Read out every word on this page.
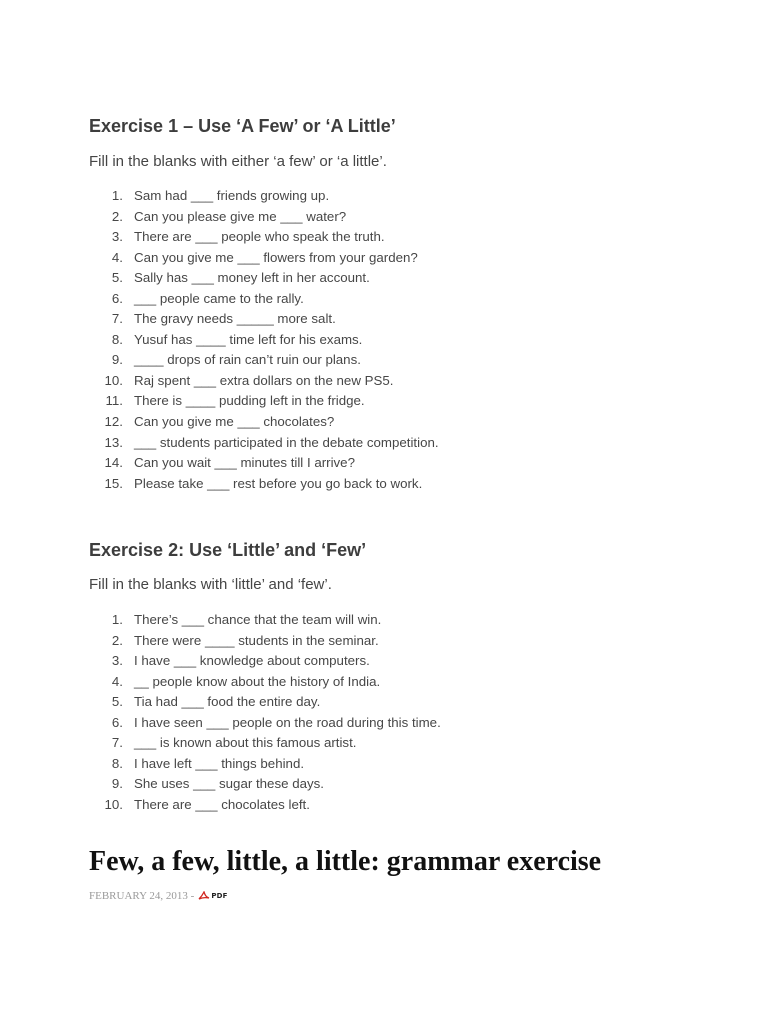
Exercise 1 – Use ‘A Few’ or ‘A Little’

Fill in the blanks with either ‘a few’ or ‘a little’.

1. Sam had ___ friends growing up.
2. Can you please give me ___ water?
3. There are ___ people who speak the truth.
4. Can you give me ___ flowers from your garden?
5. Sally has ___ money left in her account.
6. ___ people came to the rally.
7. The gravy needs _____ more salt.
8. Yusuf has ____ time left for his exams.
9. ____ drops of rain can’t ruin our plans.
10. Raj spent ___ extra dollars on the new PS5.
11. There is ____ pudding left in the fridge.
12. Can you give me ___ chocolates?
13. ___ students participated in the debate competition.
14. Can you wait ___ minutes till I arrive?
15. Please take ___ rest before you go back to work.
Exercise 2: Use ‘Little’ and ‘Few’

Fill in the blanks with ‘little’ and ‘few’.

1. There’s ___ chance that the team will win.
2. There were ____ students in the seminar.
3. I have ___ knowledge about computers.
4. __ people know about the history of India.
5. Tia had ___ food the entire day.
6. I have seen ___ people on the road during this time.
7. ___ is known about this famous artist.
8. I have left ___ things behind.
9. She uses ___ sugar these days.
10. There are ___ chocolates left.
Few, a few, little, a little: grammar exercise
FEBRUARY 24, 2013 - PDF
